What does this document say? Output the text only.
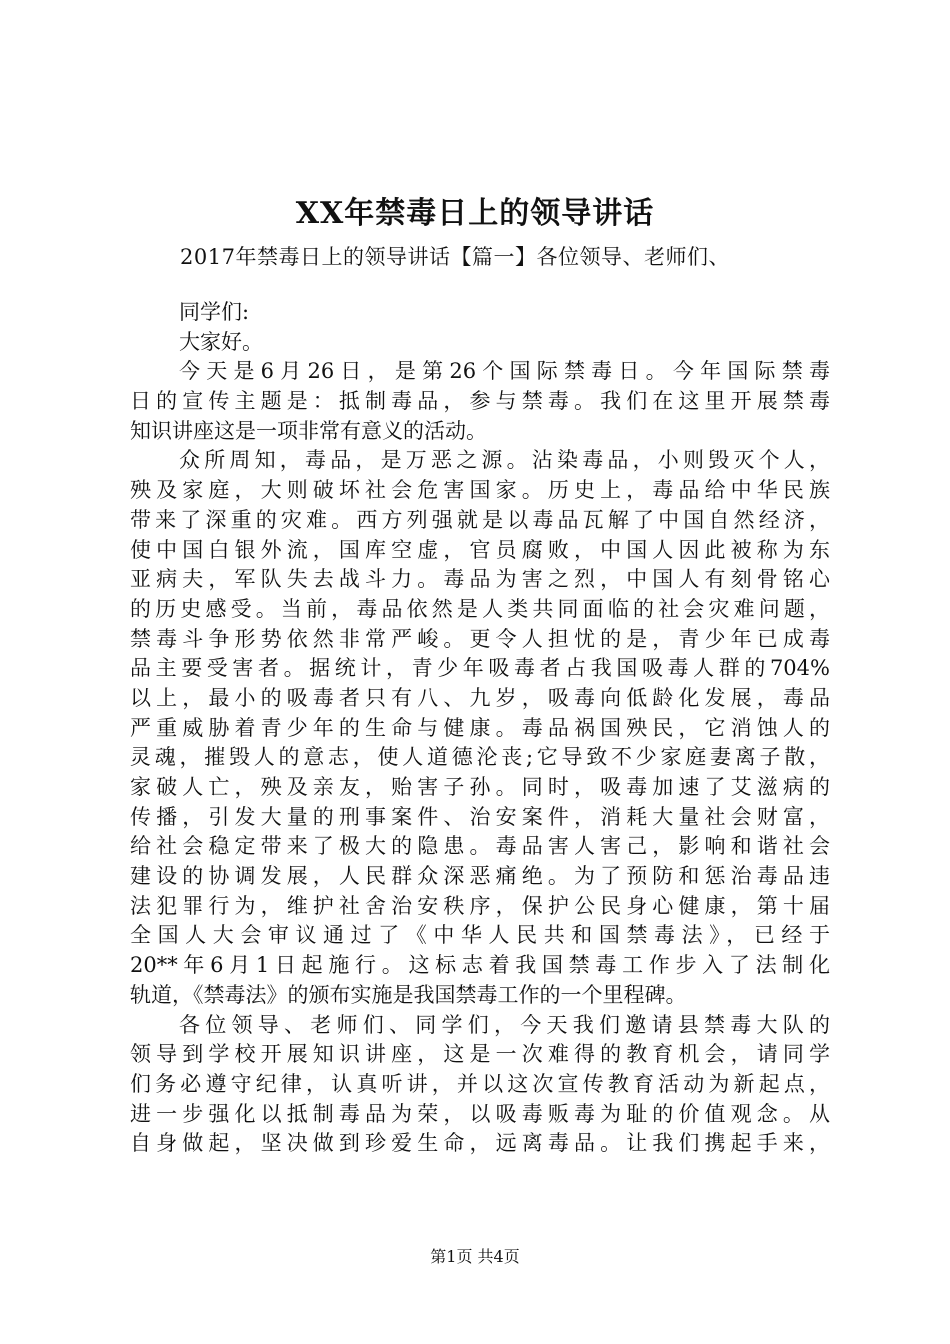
XX年禁毒日上的领导讲话
2017年禁毒日上的领导讲话【篇一】各位领导、老师们、
同学们:
大家好。
今天是6月26日，是第26个国际禁毒日。今年国际禁毒
日的宣传主题是：抵制毒品，参与禁毒。我们在这里开展禁毒
知识讲座这是一项非常有意义的活动。
众所周知，毒品，是万恶之源。沾染毒品，小则毁灭个人，
殃及家庭，大则破坏社会危害国家。历史上，毒品给中华民族
带来了深重的灾难。西方列强就是以毒品瓦解了中国自然经济，
使中国白银外流，国库空虚，官员腐败，中国人因此被称为东
亚病夫，军队失去战斗力。毒品为害之烈，中国人有刻骨铭心
的历史感受。当前，毒品依然是人类共同面临的社会灾难问题，
禁毒斗争形势依然非常严峻。更令人担忧的是，青少年已成毒
品主要受害者。据统计，青少年吸毒者占我国吸毒人群的704%
以上，最小的吸毒者只有八、九岁，吸毒向低龄化发展，毒品
严重威胁着青少年的生命与健康。毒品祸国殃民，它消蚀人的
灵魂，摧毁人的意志，使人道德沦丧;它导致不少家庭妻离子散，
家破人亡，殃及亲友，贻害子孙。同时，吸毒加速了艾滋病的
传播，引发大量的刑事案件、治安案件，消耗大量社会财富，
给社会稳定带来了极大的隐患。毒品害人害己，影响和谐社会
建设的协调发展，人民群众深恶痛绝。为了预防和惩治毒品违
法犯罪行为，维护社舍治安秩序，保护公民身心健康，第十届
全国人大会审议通过了《中华人民共和国禁毒法》，已经于
20**年6月1日起施行。这标志着我国禁毒工作步入了法制化
轨道，《禁毒法》的颁布实施是我国禁毒工作的一个里程碑。
各位领导、老师们、同学们，今天我们邀请县禁毒大队的
领导到学校开展知识讲座，这是一次难得的教育机会，请同学
们务必遵守纪律，认真听讲，并以这次宣传教育活动为新起点，
进一步强化以抵制毒品为荣，以吸毒贩毒为耻的价值观念。从
自身做起，坚决做到珍爱生命，远离毒品。让我们携起手来，
第1页 共4页
